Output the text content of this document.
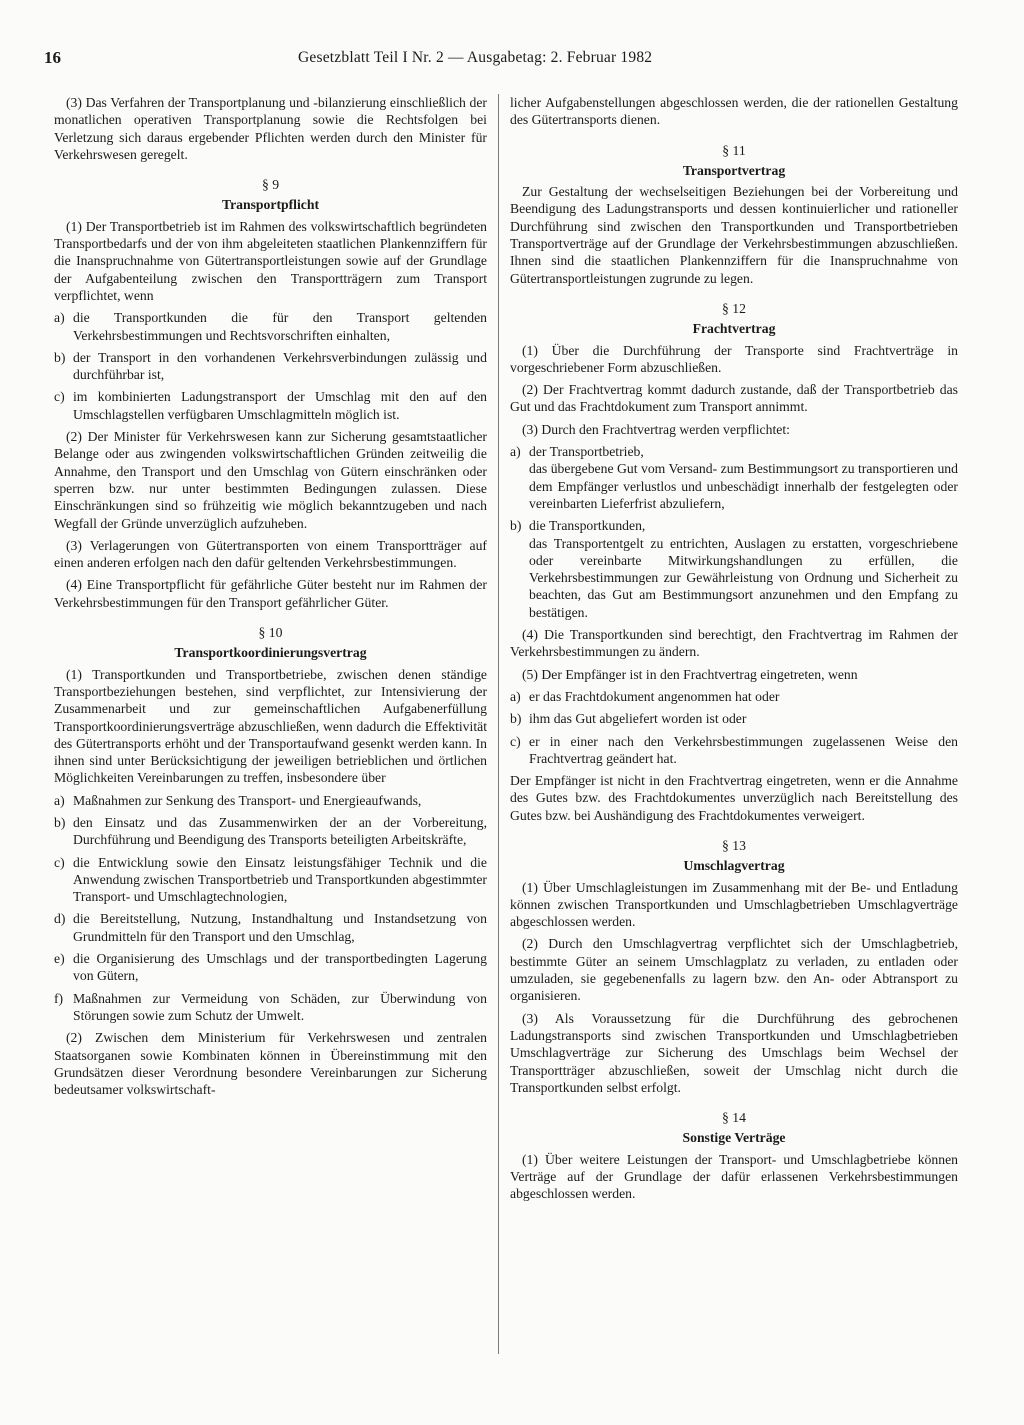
16	Gesetzblatt Teil I Nr. 2 — Ausgabetag: 2. Februar 1982

(3) Das Verfahren der Transportplanung und -bilanzierung einschließlich der monatlichen operativen Transportplanung sowie die Rechtsfolgen bei Verletzung sich daraus ergebender Pflichten werden durch den Minister für Verkehrswesen geregelt.

§ 9
Transportpflicht

(1) Der Transportbetrieb ist im Rahmen des volkswirtschaftlich begründeten Transportbedarfs und der von ihm abgeleiteten staatlichen Plankennziffern für die Inanspruchnahme von Gütertransportleistungen sowie auf der Grundlage der Aufgabenteilung zwischen den Transportträgern zum Transport verpflichtet, wenn

a) die Transportkunden die für den Transport geltenden Verkehrsbestimmungen und Rechtsvorschriften einhalten,
b) der Transport in den vorhandenen Verkehrsverbindungen zulässig und durchführbar ist,
c) im kombinierten Ladungstransport der Umschlag mit den auf den Umschlagstellen verfügbaren Umschlagmitteln möglich ist.

(2) Der Minister für Verkehrswesen kann zur Sicherung gesamtstaatlicher Belange oder aus zwingenden volkswirtschaftlichen Gründen zeitweilig die Annahme, den Transport und den Umschlag von Gütern einschränken oder sperren bzw. nur unter bestimmten Bedingungen zulassen. Diese Einschränkungen sind so frühzeitig wie möglich bekanntzugeben und nach Wegfall der Gründe unverzüglich aufzuheben.

(3) Verlagerungen von Gütertransporten von einem Transportträger auf einen anderen erfolgen nach den dafür geltenden Verkehrsbestimmungen.

(4) Eine Transportpflicht für gefährliche Güter besteht nur im Rahmen der Verkehrsbestimmungen für den Transport gefährlicher Güter.

§ 10
Transportkoordinierungsvertrag

(1) Transportkunden und Transportbetriebe, zwischen denen ständige Transportbeziehungen bestehen, sind verpflichtet, zur Intensivierung der Zusammenarbeit und zur gemeinschaftlichen Aufgabenerfüllung Transportkoordinierungsverträge abzuschließen, wenn dadurch die Effektivität des Gütertransports erhöht und der Transportaufwand gesenkt werden kann. In ihnen sind unter Berücksichtigung der jeweiligen betrieblichen und örtlichen Möglichkeiten Vereinbarungen zu treffen, insbesondere über

a) Maßnahmen zur Senkung des Transport- und Energieaufwands,
b) den Einsatz und das Zusammenwirken der an der Vorbereitung, Durchführung und Beendigung des Transports beteiligten Arbeitskräfte,
c) die Entwicklung sowie den Einsatz leistungsfähiger Technik und die Anwendung zwischen Transportbetrieb und Transportkunden abgestimmter Transport- und Umschlagtechnologien,
d) die Bereitstellung, Nutzung, Instandhaltung und Instandsetzung von Grundmitteln für den Transport und den Umschlag,
e) die Organisierung des Umschlags und der transportbedingten Lagerung von Gütern,
f) Maßnahmen zur Vermeidung von Schäden, zur Überwindung von Störungen sowie zum Schutz der Umwelt.

(2) Zwischen dem Ministerium für Verkehrswesen und zentralen Staatsorganen sowie Kombinaten können in Übereinstimmung mit den Grundsätzen dieser Verordnung besondere Vereinbarungen zur Sicherung bedeutsamer volkswirtschaft-

licher Aufgabenstellungen abgeschlossen werden, die der rationellen Gestaltung des Gütertransports dienen.

§ 11
Transportvertrag

Zur Gestaltung der wechselseitigen Beziehungen bei der Vorbereitung und Beendigung des Ladungstransports und dessen kontinuierlicher und rationeller Durchführung sind zwischen den Transportkunden und Transportbetrieben Transportverträge auf der Grundlage der Verkehrsbestimmungen abzuschließen. Ihnen sind die staatlichen Plankennziffern für die Inanspruchnahme von Gütertransportleistungen zugrunde zu legen.

§ 12
Frachtvertrag

(1) Über die Durchführung der Transporte sind Frachtverträge in vorgeschriebener Form abzuschließen.

(2) Der Frachtvertrag kommt dadurch zustande, daß der Transportbetrieb das Gut und das Frachtdokument zum Transport annimmt.

(3) Durch den Frachtvertrag werden verpflichtet:

a) der Transportbetrieb,
das übergebene Gut vom Versand- zum Bestimmungsort zu transportieren und dem Empfänger verlustlos und unbeschädigt innerhalb der festgelegten oder vereinbarten Lieferfrist abzuliefern,
b) die Transportkunden,
das Transportentgelt zu entrichten, Auslagen zu erstatten, vorgeschriebene oder vereinbarte Mitwirkungshandlungen zu erfüllen, die Verkehrsbestimmungen zur Gewährleistung von Ordnung und Sicherheit zu beachten, das Gut am Bestimmungsort anzunehmen und den Empfang zu bestätigen.

(4) Die Transportkunden sind berechtigt, den Frachtvertrag im Rahmen der Verkehrsbestimmungen zu ändern.

(5) Der Empfänger ist in den Frachtvertrag eingetreten, wenn

a) er das Frachtdokument angenommen hat oder
b) ihm das Gut abgeliefert worden ist oder
c) er in einer nach den Verkehrsbestimmungen zugelassenen Weise den Frachtvertrag geändert hat.

Der Empfänger ist nicht in den Frachtvertrag eingetreten, wenn er die Annahme des Gutes bzw. des Frachtdokumentes unverzüglich nach Bereitstellung des Gutes bzw. bei Aushändigung des Frachtdokumentes verweigert.

§ 13
Umschlagvertrag

(1) Über Umschlagleistungen im Zusammenhang mit der Be- und Entladung können zwischen Transportkunden und Umschlagbetrieben Umschlagverträge abgeschlossen werden.

(2) Durch den Umschlagvertrag verpflichtet sich der Umschlagbetrieb, bestimmte Güter an seinem Umschlagplatz zu verladen, zu entladen oder umzuladen, sie gegebenenfalls zu lagern bzw. den An- oder Abtransport zu organisieren.

(3) Als Voraussetzung für die Durchführung des gebrochenen Ladungstransports sind zwischen Transportkunden und Umschlagbetrieben Umschlagverträge zur Sicherung des Umschlags beim Wechsel der Transportträger abzuschließen, soweit der Umschlag nicht durch die Transportkunden selbst erfolgt.

§ 14
Sonstige Verträge

(1) Über weitere Leistungen der Transport- und Umschlagbetriebe können Verträge auf der Grundlage der dafür erlassenen Verkehrsbestimmungen abgeschlossen werden.
